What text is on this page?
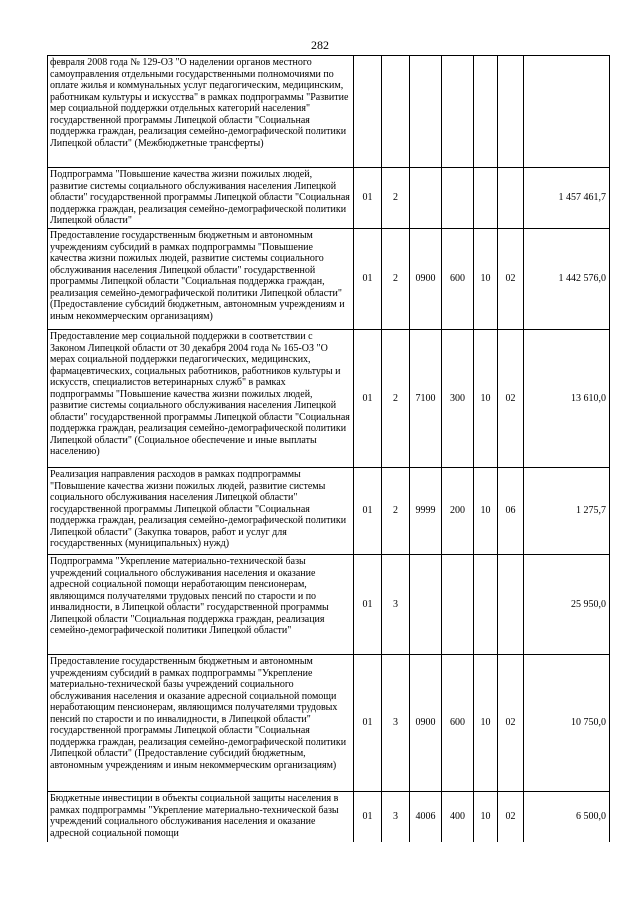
282
февраля 2008 года № 129-ОЗ "О наделении органов местного самоуправления отдельными государственными полномочиями по оплате жилья и коммунальных услуг педагогическим, медицинским, работникам культуры и искусства" в рамках подпрограммы "Развитие мер социальной поддержки отдельных категорий населения" государственной программы Липецкой области "Социальная поддержка граждан, реализация семейно-демографической политики Липецкой области" (Межбюджетные трансферты)							
Подпрограмма "Повышение качества жизни пожилых людей, развитие системы социального обслуживания населения Липецкой области" государственной программы Липецкой области "Социальная поддержка граждан, реализация семейно-демографической политики Липецкой области"	01	2					1 457 461,7
Предоставление государственным бюджетным и автономным учреждениям субсидий в рамках подпрограммы "Повышение качества жизни пожилых людей, развитие системы социального обслуживания населения Липецкой области" государственной программы Липецкой области "Социальная поддержка граждан, реализация семейно-демографической политики Липецкой области" (Предоставление субсидий бюджетным, автономным учреждениям и иным некоммерческим организациям)	01	2	0900	600	10	02	1 442 576,0
Предоставление мер социальной поддержки в соответствии с Законом Липецкой области от 30 декабря 2004 года № 165-ОЗ "О мерах социальной поддержки педагогических, медицинских, фармацевтических, социальных работников, работников культуры и искусств, специалистов ветеринарных служб" в рамках подпрограммы "Повышение качества жизни пожилых людей, развитие системы социального обслуживания населения Липецкой области" государственной программы Липецкой области "Социальная поддержка граждан, реализация семейно-демографической политики Липецкой области" (Социальное обеспечение и иные выплаты населению)	01	2	7100	300	10	02	13 610,0
Реализация направления расходов в рамках подпрограммы "Повышение качества жизни пожилых людей, развитие системы социального обслуживания населения Липецкой области" государственной программы Липецкой области "Социальная поддержка граждан, реализация семейно-демографической политики Липецкой области" (Закупка товаров, работ и услуг для государственных (муниципальных) нужд)	01	2	9999	200	10	06	1 275,7
Подпрограмма "Укрепление материально-технической базы учреждений социального обслуживания населения и оказание адресной социальной помощи неработающим пенсионерам, являющимся получателями трудовых пенсий по старости и по инвалидности, в Липецкой области" государственной программы Липецкой области "Социальная поддержка граждан, реализация семейно-демографической политики Липецкой области"	01	3					25 950,0
Предоставление государственным бюджетным и автономным учреждениям субсидий в рамках подпрограммы "Укрепление материально-технической базы учреждений социального обслуживания населения и оказание адресной социальной помощи неработающим пенсионерам, являющимся получателями трудовых пенсий по старости и по инвалидности, в Липецкой области" государственной программы Липецкой области "Социальная поддержка граждан, реализация семейно-демографической политики Липецкой области" (Предоставление субсидий бюджетным, автономным учреждениям и иным некоммерческим организациям)	01	3	0900	600	10	02	10 750,0
Бюджетные инвестиции в объекты социальной защиты населения в рамках подпрограммы "Укрепление материально-технической базы учреждений социального обслуживания населения и оказание адресной социальной помощи	01	3	4006	400	10	02	6 500,0
